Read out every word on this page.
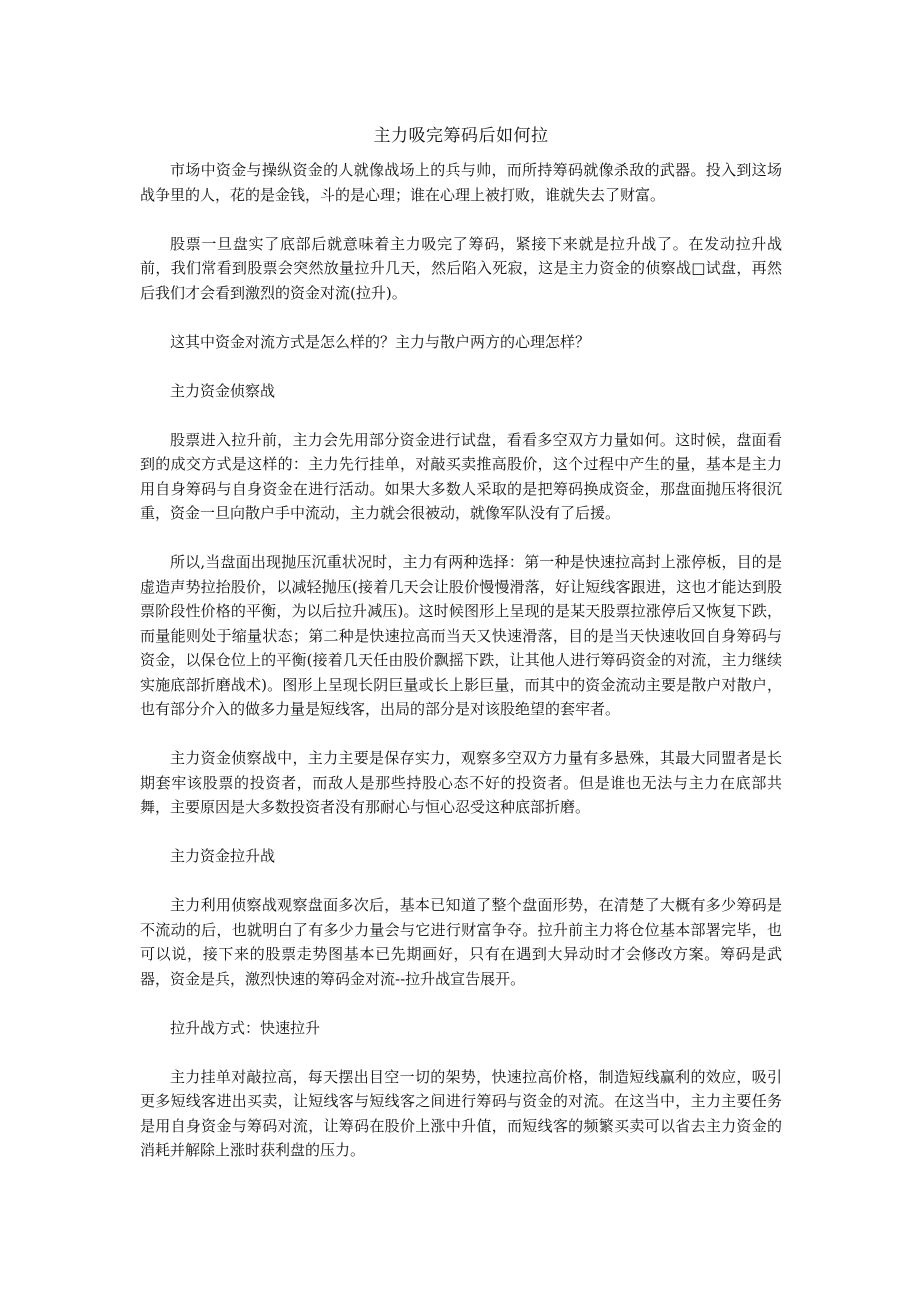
主力吸完筹码后如何拉

市场中资金与操纵资金的人就像战场上的兵与帅，而所持筹码就像杀敌的武器。投入到这场战争里的人，花的是金钱，斗的是心理；谁在心理上被打败，谁就失去了财富。

股票一旦盘实了底部后就意味着主力吸完了筹码，紧接下来就是拉升战了。在发动拉升战前，我们常看到股票会突然放量拉升几天，然后陷入死寂，这是主力资金的侦察战□试盘，再然后我们才会看到激烈的资金对流(拉升)。

这其中资金对流方式是怎么样的？主力与散户两方的心理怎样？

主力资金侦察战

股票进入拉升前，主力会先用部分资金进行试盘，看看多空双方力量如何。这时候，盘面看到的成交方式是这样的：主力先行挂单，对敲买卖推高股价，这个过程中产生的量，基本是主力用自身筹码与自身资金在进行活动。如果大多数人采取的是把筹码换成资金，那盘面抛压将很沉重，资金一旦向散户手中流动，主力就会很被动，就像军队没有了后援。

所以,当盘面出现抛压沉重状况时，主力有两种选择：第一种是快速拉高封上涨停板，目的是虚造声势拉抬股价，以减轻抛压(接着几天会让股价慢慢滑落，好让短线客跟进，这也才能达到股票阶段性价格的平衡，为以后拉升减压)。这时候图形上呈现的是某天股票拉涨停后又恢复下跌，而量能则处于缩量状态；第二种是快速拉高而当天又快速滑落，目的是当天快速收回自身筹码与资金，以保仓位上的平衡(接着几天任由股价飘摇下跌，让其他人进行筹码资金的对流，主力继续实施底部折磨战术)。图形上呈现长阴巨量或长上影巨量，而其中的资金流动主要是散户对散户，也有部分介入的做多力量是短线客，出局的部分是对该股绝望的套牢者。

主力资金侦察战中，主力主要是保存实力，观察多空双方力量有多悬殊，其最大同盟者是长期套牢该股票的投资者，而敌人是那些持股心态不好的投资者。但是谁也无法与主力在底部共舞，主要原因是大多数投资者没有那耐心与恒心忍受这种底部折磨。

主力资金拉升战

主力利用侦察战观察盘面多次后，基本已知道了整个盘面形势，在清楚了大概有多少筹码是不流动的后，也就明白了有多少力量会与它进行财富争夺。拉升前主力将仓位基本部署完毕，也可以说，接下来的股票走势图基本已先期画好，只有在遇到大异动时才会修改方案。筹码是武器，资金是兵，激烈快速的筹码金对流--拉升战宣告展开。

拉升战方式：快速拉升

主力挂单对敲拉高，每天摆出目空一切的架势，快速拉高价格，制造短线赢利的效应，吸引更多短线客进出买卖，让短线客与短线客之间进行筹码与资金的对流。在这当中，主力主要任务是用自身资金与筹码对流，让筹码在股价上涨中升值，而短线客的频繁买卖可以省去主力资金的消耗并解除上涨时获利盘的压力。
